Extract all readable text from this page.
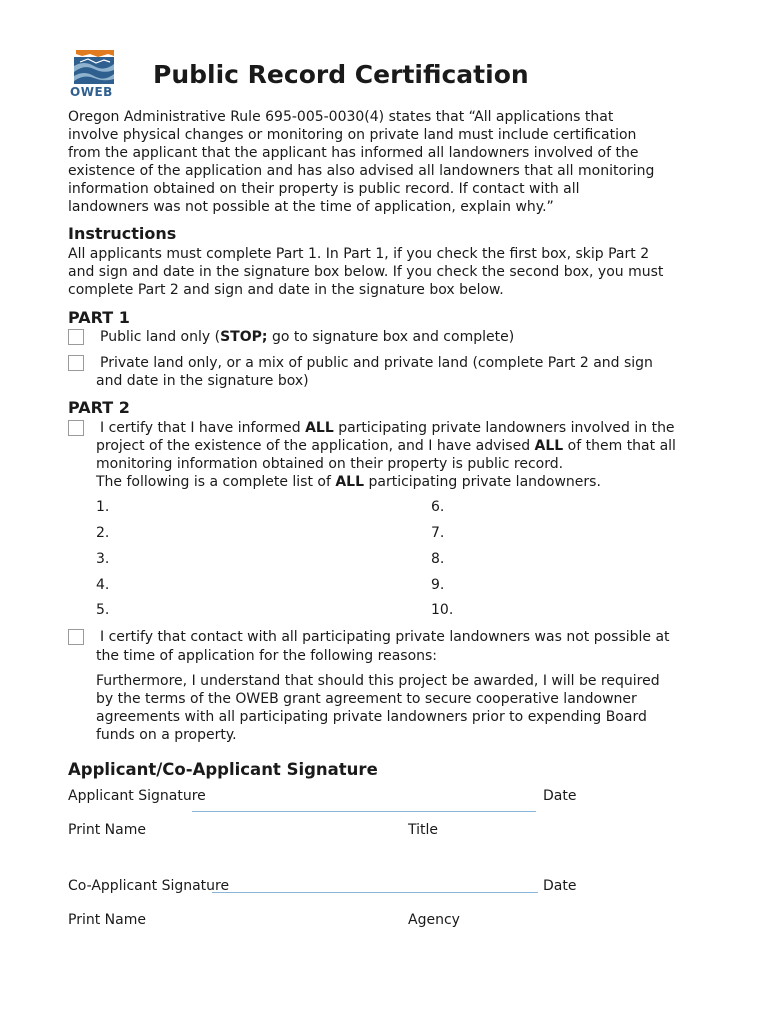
OWEB
Public Record Certification

Oregon Administrative Rule 695-005-0030(4) states that “All applications that

involve physical changes or monitoring on private land must include certification

from the applicant that the applicant has informed all landowners involved of the

existence of the application and has also advised all landowners that all monitoring

information obtained on their property is public record. If contact with all

landowners was not possible at the time of application, explain why.”

Instructions

All applicants must complete Part 1. In Part 1, if you check the first box, skip Part 2

and sign and date in the signature box below. If you check the second box, you must

complete Part 2 and sign and date in the signature box below.

PART 1

Public land only (STOP; go to signature box and complete)

Private land only, or a mix of public and private land (complete Part 2 and sign

and date in the signature box)

PART 2

I certify that I have informed ALL participating private landowners involved in the

project of the existence of the application, and I have advised ALL of them that all

monitoring information obtained on their property is public record.

The following is a complete list of ALL participating private landowners.

1.

2.

3.

4.

5.

6.

7.

8.

9.

10.

I certify that contact with all participating private landowners was not possible at

the time of application for the following reasons:

Furthermore, I understand that should this project be awarded, I will be required

by the terms of the OWEB grant agreement to secure cooperative landowner

agreements with all participating private landowners prior to expending Board

funds on a property.

Applicant/Co-Applicant Signature

Applicant Signature	Date

Print Name	Title

Co-Applicant Signature	Date

Print Name	Agency
